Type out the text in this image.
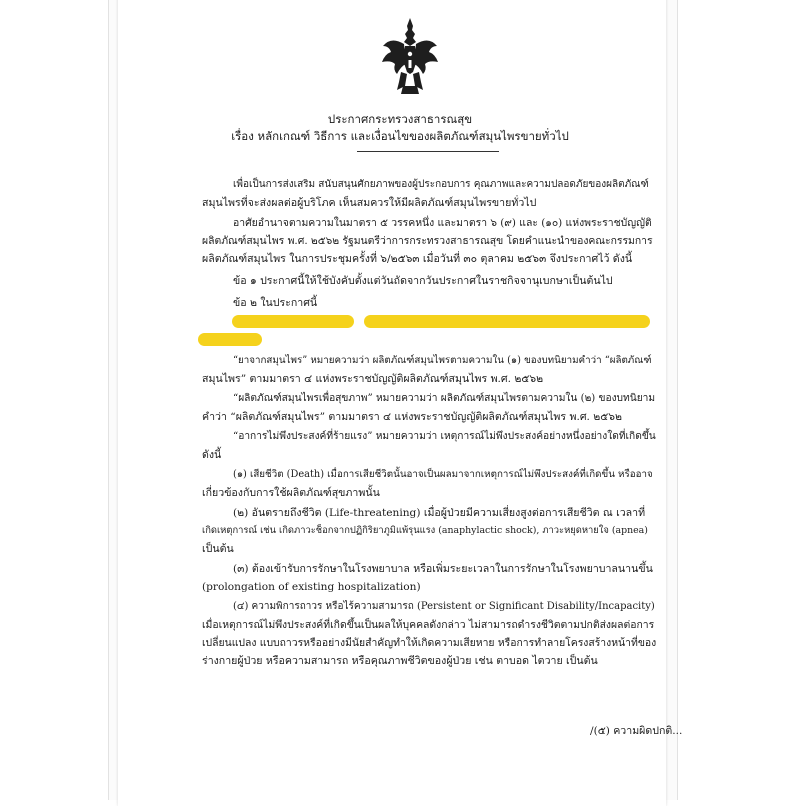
ประกาศกระทรวงสาธารณสุข
เรื่อง หลักเกณฑ์ วิธีการ และเงื่อนไขของผลิตภัณฑ์สมุนไพรขายทั่วไป
เพื่อเป็นการส่งเสริม สนับสนุนศักยภาพของผู้ประกอบการ คุณภาพและความปลอดภัยของผลิตภัณฑ์
สมุนไพรที่จะส่งผลต่อผู้บริโภค เห็นสมควรให้มีผลิตภัณฑ์สมุนไพรขายทั่วไป
อาศัยอำนาจตามความในมาตรา ๕ วรรคหนึ่ง และมาตรา ๖ (๙) และ (๑๐) แห่งพระราชบัญญัติ
ผลิตภัณฑ์สมุนไพร พ.ศ. ๒๕๖๒ รัฐมนตรีว่าการกระทรวงสาธารณสุข โดยคำแนะนำของคณะกรรมการ
ผลิตภัณฑ์สมุนไพร ในการประชุมครั้งที่ ๖/๒๕๖๓ เมื่อวันที่ ๓๐ ตุลาคม ๒๕๖๓ จึงประกาศไว้ ดังนี้
ข้อ ๑ ประกาศนี้ให้ใช้บังคับตั้งแต่วันถัดจากวันประกาศในราชกิจจานุเบกษาเป็นต้นไป
ข้อ ๒ ในประกาศนี้
“ยาจากสมุนไพร” หมายความว่า ผลิตภัณฑ์สมุนไพรตามความใน (๑) ของบทนิยามคำว่า “ผลิตภัณฑ์
สมุนไพร” ตามมาตรา ๔ แห่งพระราชบัญญัติผลิตภัณฑ์สมุนไพร พ.ศ. ๒๕๖๒
“ผลิตภัณฑ์สมุนไพรเพื่อสุขภาพ” หมายความว่า ผลิตภัณฑ์สมุนไพรตามความใน (๒) ของบทนิยาม
คำว่า “ผลิตภัณฑ์สมุนไพร” ตามมาตรา ๔ แห่งพระราชบัญญัติผลิตภัณฑ์สมุนไพร พ.ศ. ๒๕๖๒
“อาการไม่พึงประสงค์ที่ร้ายแรง” หมายความว่า เหตุการณ์ไม่พึงประสงค์อย่างหนึ่งอย่างใดที่เกิดขึ้น
ดังนี้
(๑) เสียชีวิต (Death) เมื่อการเสียชีวิตนั้นอาจเป็นผลมาจากเหตุการณ์ไม่พึงประสงค์ที่เกิดขึ้น หรืออาจ
เกี่ยวข้องกับการใช้ผลิตภัณฑ์สุขภาพนั้น
(๒) อันตรายถึงชีวิต (Life-threatening) เมื่อผู้ป่วยมีความเสี่ยงสูงต่อการเสียชีวิต ณ เวลาที่
เกิดเหตุการณ์ เช่น เกิดภาวะช็อกจากปฏิกิริยาภูมิแพ้รุนแรง (anaphylactic shock), ภาวะหยุดหายใจ (apnea)
เป็นต้น
(๓) ต้องเข้ารับการรักษาในโรงพยาบาล หรือเพิ่มระยะเวลาในการรักษาในโรงพยาบาลนานขึ้น
(prolongation of existing hospitalization)
(๔) ความพิการถาวร หรือไร้ความสามารถ (Persistent or Significant Disability/Incapacity)
เมื่อเหตุการณ์ไม่พึงประสงค์ที่เกิดขึ้นเป็นผลให้บุคคลดังกล่าว ไม่สามารถดำรงชีวิตตามปกติส่งผลต่อการ
เปลี่ยนแปลง แบบถาวรหรืออย่างมีนัยสำคัญทำให้เกิดความเสียหาย หรือการทำลายโครงสร้างหน้าที่ของ
ร่างกายผู้ป่วย หรือความสามารถ หรือคุณภาพชีวิตของผู้ป่วย เช่น ตาบอด ไตวาย เป็นต้น
/(๕) ความผิดปกติ...
